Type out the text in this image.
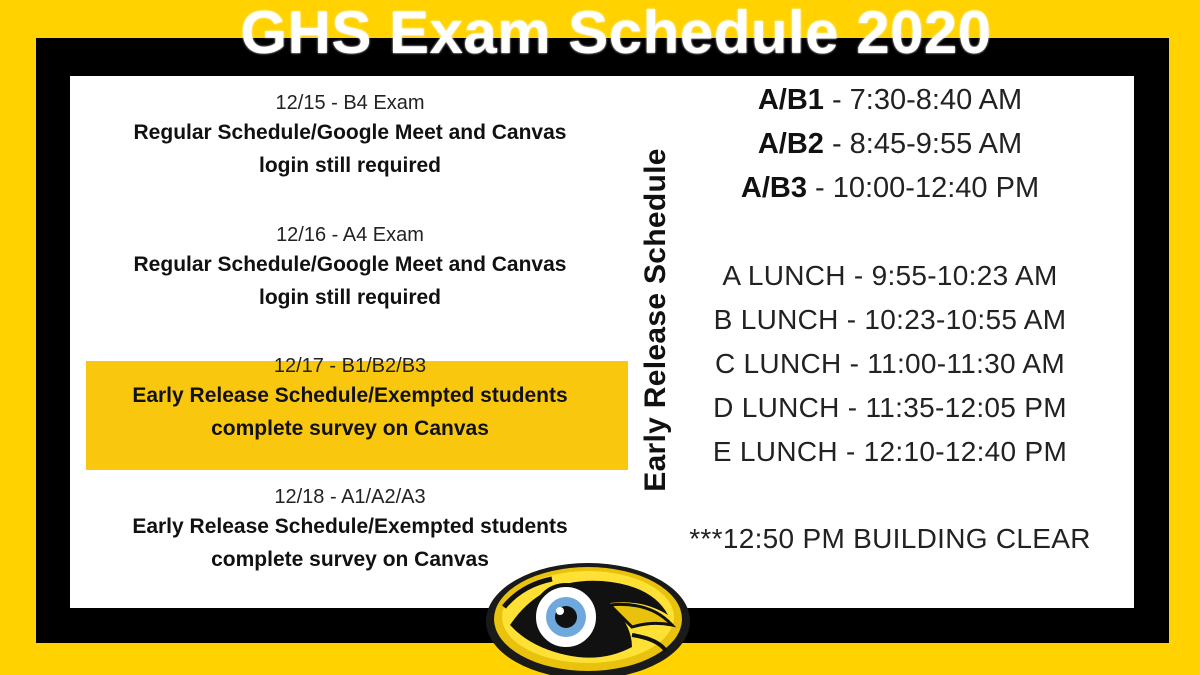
GHS Exam Schedule 2020
12/15 - B4 Exam
Regular Schedule/Google Meet and Canvas
login still required
12/16 - A4 Exam
Regular Schedule/Google Meet and Canvas
login still required
12/17 - B1/B2/B3
Early Release Schedule/Exempted students
complete survey on Canvas
12/18 - A1/A2/A3
Early Release Schedule/Exempted students
complete survey on Canvas
Early Release Schedule
A/B1 - 7:30-8:40 AM
A/B2 - 8:45-9:55 AM
A/B3 - 10:00-12:40 PM
A LUNCH - 9:55-10:23 AM
B LUNCH - 10:23-10:55 AM
C LUNCH - 11:00-11:30 AM
D LUNCH - 11:35-12:05 PM
E LUNCH - 12:10-12:40 PM
***12:50 PM BUILDING CLEAR
